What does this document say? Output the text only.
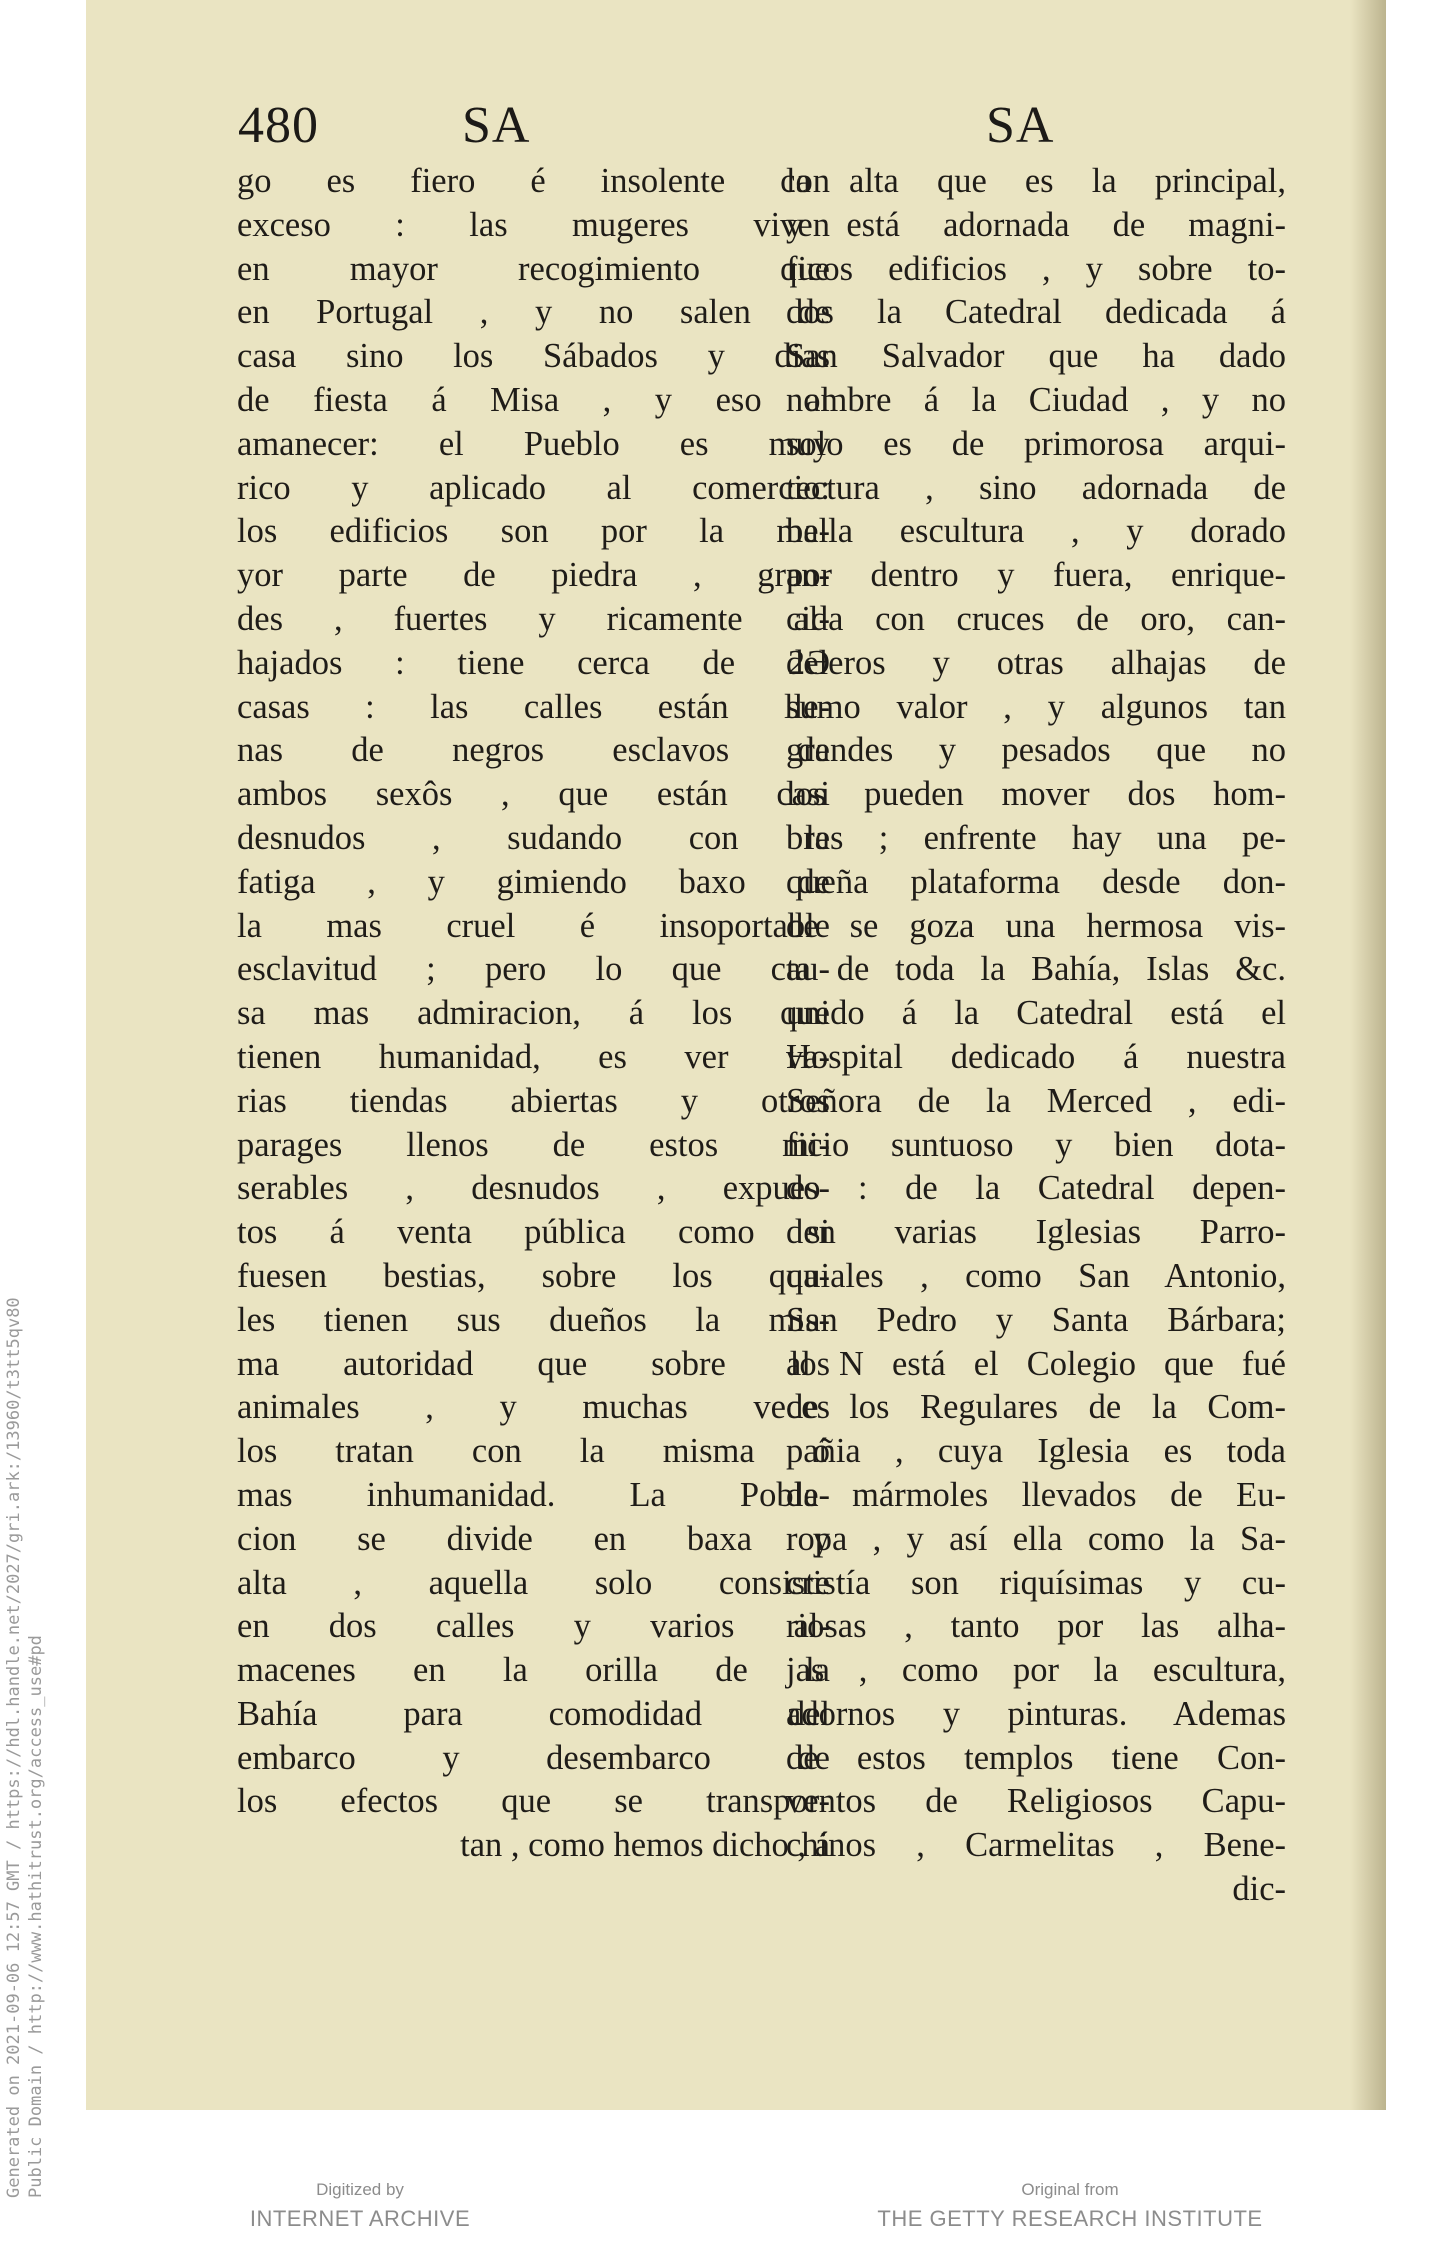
480	SA	SA
go es fiero é insolente con
exceso : las mugeres viven
en mayor recogimiento que
en Portugal , y no salen de
casa sino los Sábados y dias
de fiesta á Misa , y eso al
amanecer: el Pueblo es muy
rico y aplicado al comercio:
los edificios son por la ma-
yor parte de piedra , gran-
des , fuertes y ricamente al-
hajados : tiene cerca de 2Ə
casas : las calles están lle-
nas de negros esclavos de
ambos sexôs , que están casi
desnudos , sudando con la
fatiga , y gimiendo baxo de
la mas cruel é insoportable
esclavitud ; pero lo que cau-
sa mas admiracion, á los que
tienen humanidad, es ver va-
rias tiendas abiertas y otros
parages llenos de estos mi-
serables , desnudos , expues-
tos á venta pública como si
fuesen bestias, sobre los qua-
les tienen sus dueños la mis-
ma autoridad que sobre los
animales , y muchas veces
los tratan con la misma ó
mas inhumanidad. La Pobla-
cion se divide en baxa y
alta , aquella solo consiste
en dos calles y varios al-
macenes en la orilla de la
Bahía para comodidad del
embarco y desembarco de
los efectos que se transpor-
tan , como hemos dicho , á
la alta que es la principal,
y está adornada de magni-
ficos edificios , y sobre to-
dos la Catedral dedicada á
San Salvador que ha dado
nombre á la Ciudad , y no
solo es de primorosa arqui-
tectura , sino adornada de
bella escultura , y dorado
por dentro y fuera, enrique-
cida con cruces de oro, can-
deleros y otras alhajas de
sumo valor , y algunos tan
grandes y pesados que no
los pueden mover dos hom-
bres ; enfrente hay una pe-
queña plataforma desde don-
de se goza una hermosa vis-
ta de toda la Bahía, Islas &c.
unido á la Catedral está el
Hospital dedicado á nuestra
Señora de la Merced , edi-
ficio suntuoso y bien dota-
do : de la Catedral depen-
den varias Iglesias Parro-
quiales , como San Antonio,
San Pedro y Santa Bárbara;
al N está el Colegio que fué
de los Regulares de la Com-
pañia , cuya Iglesia es toda
de mármoles llevados de Eu-
ropa , y así ella como la Sa-
cristía son riquísimas y cu-
riosas , tanto por las alha-
jas , como por la escultura,
adornos y pinturas. Ademas
de estos templos tiene Con-
ventos de Religiosos Capu-
chinos , Carmelitas , Bene-
dic-
Generated on 2021-09-06 12:57 GMT / https://hdl.handle.net/2027/gri.ark:/13960/t3tt5qv80 Public Domain / http://www.hathitrust.org/access_use#pd	Digitized by
INTERNET ARCHIVE
Original from
THE GETTY RESEARCH INSTITUTE
